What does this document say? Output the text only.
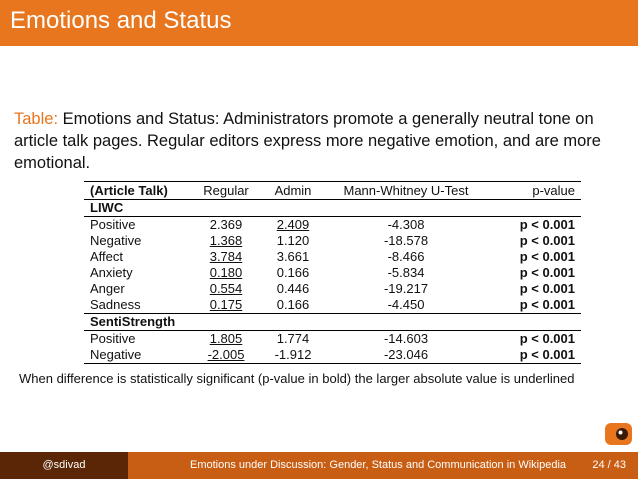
Emotions and Status
Table: Emotions and Status: Administrators promote a generally neutral tone on article talk pages. Regular editors express more negative emotion, and are more emotional.
(Article Talk)	Regular	Admin	Mann-Whitney U-Test	p-value
LIWC				
Positive	2.369	2.409	-4.308	p < 0.001
Negative	1.368	1.120	-18.578	p < 0.001
Affect	3.784	3.661	-8.466	p < 0.001
Anxiety	0.180	0.166	-5.834	p < 0.001
Anger	0.554	0.446	-19.217	p < 0.001
Sadness	0.175	0.166	-4.450	p < 0.001
SentiStrength				
Positive	1.805	1.774	-14.603	p < 0.001
Negative	-2.005	-1.912	-23.046	p < 0.001
When difference is statistically significant (p-value in bold) the larger absolute value is underlined
@sdivad	Emotions under Discussion: Gender, Status and Communication in Wikipedia 24 / 43
